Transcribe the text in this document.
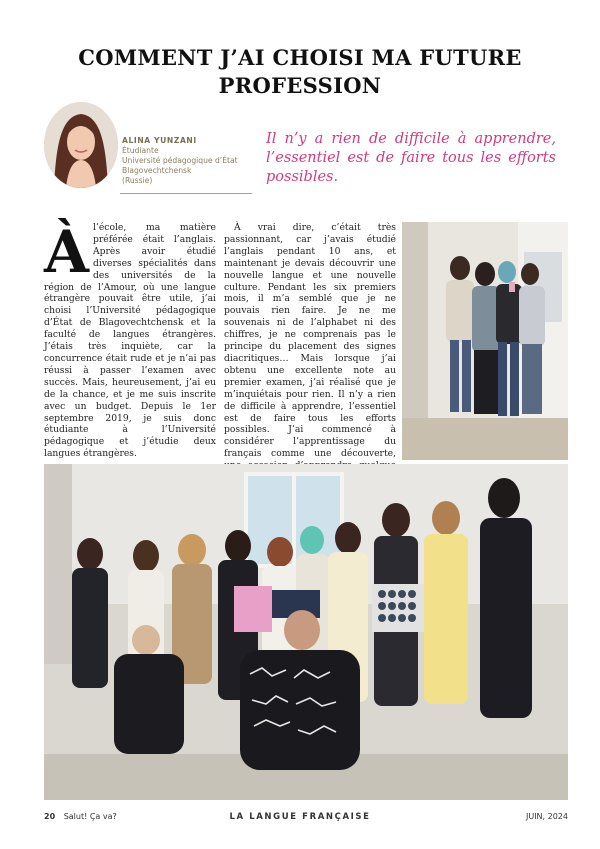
COMMENT J’AI CHOISI MA FUTURE
PROFESSION
ALINA YUNZANI
Étudiante
Université pédagogique d’État
Blagovechtchensk
(Russie)
Il n’y a rien de difficile à apprendre, l’essentiel est de faire tous les efforts possibles.
À l’école, ma matière préférée était l’anglais. Après avoir étudié diverses spécialités dans des universités de la région de l’Amour, où une langue étrangère pouvait être utile, j’ai choisi l’Université pédagogique d’État de Blagovechtchensk et la faculté de langues étrangères. J’étais très inquiète, car la concurrence était rude et je n’ai pas réussi à passer l’examen avec succès. Mais, heureusement, j’ai eu de la chance, et je me suis inscrite avec un budget. Depuis le 1er septembre 2019, je suis donc étudiante à l’Université pédagogique et j’étudie deux langues étrangères.
À vrai dire, c’était très passionnant, car j’avais étudié l’anglais pendant 10 ans, et maintenant je devais découvrir une nouvelle langue et une nouvelle culture. Pendant les six premiers mois, il m’a semblé que je ne pouvais rien faire. Je ne me souvenais ni de l’alphabet ni des chiffres, je ne comprenais pas le principe du placement des signes diacritiques… Mais lorsque j’ai obtenu une excellente note au premier examen, j’ai réalisé que je m’inquiétais pour rien. Il n’y a rien de difficile à apprendre, l’essentiel est de faire tous les efforts possibles. J’ai commencé à considérer l’apprentissage du français comme une découverte,
20 Salut! Ça va?	LA LANGUE FRANÇAISE	JUIN, 2024
